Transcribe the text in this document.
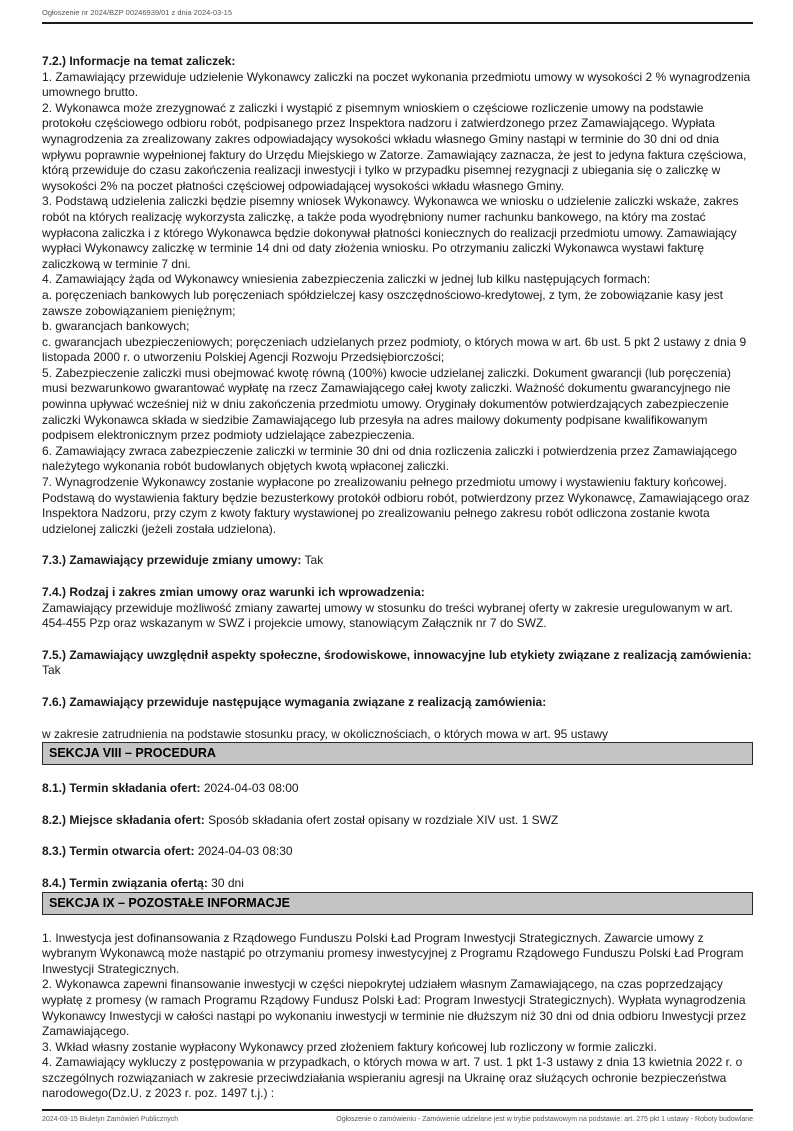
Ogłoszenie nr 2024/BZP 00246939/01 z dnia 2024-03-15

7.2.) Informacje na temat zaliczek:

1. Zamawiający przewiduje udzielenie Wykonawcy zaliczki na poczet wykonania przedmiotu umowy w wysokości 2 % wynagrodzenia umownego brutto.

2. Wykonawca może zrezygnować z zaliczki i wystąpić z pisemnym wnioskiem o częściowe rozliczenie umowy na podstawie protokołu częściowego odbioru robót, podpisanego przez Inspektora nadzoru i zatwierdzonego przez Zamawiającego. Wypłata wynagrodzenia za zrealizowany zakres odpowiadający wysokości wkładu własnego Gminy nastąpi w terminie do 30 dni od dnia wpływu poprawnie wypełnionej faktury do Urzędu Miejskiego w Zatorze. Zamawiający zaznacza, że jest to jedyna faktura częściowa, którą przewiduje do czasu zakończenia realizacji inwestycji i tylko w przypadku pisemnej rezygnacji z ubiegania się o zaliczkę w wysokości 2% na poczet płatności częściowej odpowiadającej wysokości wkładu własnego Gminy.

3. Podstawą udzielenia zaliczki będzie pisemny wniosek Wykonawcy. Wykonawca we wniosku o udzielenie zaliczki wskaże, zakres robót na których realizację wykorzysta zaliczkę, a także poda wyodrębniony numer rachunku bankowego, na który ma zostać wypłacona zaliczka i z którego Wykonawca będzie dokonywał płatności koniecznych do realizacji przedmiotu umowy. Zamawiający wypłaci Wykonawcy zaliczkę w terminie 14 dni od daty złożenia wniosku. Po otrzymaniu zaliczki Wykonawca wystawi fakturę zaliczkową w terminie 7 dni.

4. Zamawiający żąda od Wykonawcy wniesienia zabezpieczenia zaliczki w jednej lub kilku następujących formach:

a. poręczeniach bankowych lub poręczeniach spółdzielczej kasy oszczędnościowo-kredytowej, z tym, że zobowiązanie kasy jest zawsze zobowiązaniem pieniężnym;

b. gwarancjach bankowych;

c. gwarancjach ubezpieczeniowych; poręczeniach udzielanych przez podmioty, o których mowa w art. 6b ust. 5 pkt 2 ustawy z dnia 9 listopada 2000 r. o utworzeniu Polskiej Agencji Rozwoju Przedsiębiorczości;

5. Zabezpieczenie zaliczki musi obejmować kwotę równą (100%) kwocie udzielanej zaliczki. Dokument gwarancji (lub poręczenia) musi bezwarunkowo gwarantować wypłatę na rzecz Zamawiającego całej kwoty zaliczki. Ważność dokumentu gwarancyjnego nie powinna upływać wcześniej niż w dniu zakończenia przedmiotu umowy. Oryginały dokumentów potwierdzających zabezpieczenie zaliczki Wykonawca składa w siedzibie Zamawiającego lub przesyła na adres mailowy dokumenty podpisane kwalifikowanym podpisem elektronicznym przez podmioty udzielające zabezpieczenia.

6. Zamawiający zwraca zabezpieczenie zaliczki w terminie 30 dni od dnia rozliczenia zaliczki i potwierdzenia przez Zamawiającego należytego wykonania robót budowlanych objętych kwotą wpłaconej zaliczki.

7. Wynagrodzenie Wykonawcy zostanie wypłacone po zrealizowaniu pełnego przedmiotu umowy i wystawieniu faktury końcowej. Podstawą do wystawienia faktury będzie bezusterkowy protokół odbioru robót, potwierdzony przez Wykonawcę, Zamawiającego oraz Inspektora Nadzoru, przy czym z kwoty faktury wystawionej po zrealizowaniu pełnego zakresu robót odliczona zostanie kwota udzielonej zaliczki (jeżeli została udzielona).

7.3.) Zamawiający przewiduje zmiany umowy: Tak

7.4.) Rodzaj i zakres zmian umowy oraz warunki ich wprowadzenia:

Zamawiający przewiduje możliwość zmiany zawartej umowy w stosunku do treści wybranej oferty w zakresie uregulowanym w art. 454-455 Pzp oraz wskazanym w SWZ i projekcie umowy, stanowiącym Załącznik nr 7 do SWZ.

7.5.) Zamawiający uwzględnił aspekty społeczne, środowiskowe, innowacyjne lub etykiety związane z realizacją zamówienia: Tak

7.6.) Zamawiający przewiduje następujące wymagania związane z realizacją zamówienia:

w zakresie zatrudnienia na podstawie stosunku pracy, w okolicznościach, o których mowa w art. 95 ustawy

SEKCJA VIII – PROCEDURA

8.1.) Termin składania ofert: 2024-04-03 08:00

8.2.) Miejsce składania ofert: Sposób składania ofert został opisany w rozdziale XIV ust. 1 SWZ

8.3.) Termin otwarcia ofert: 2024-04-03 08:30

8.4.) Termin związania ofertą: 30 dni

SEKCJA IX – POZOSTAŁE INFORMACJE

1. Inwestycja jest dofinansowania z Rządowego Funduszu Polski Ład Program Inwestycji Strategicznych. Zawarcie umowy z wybranym Wykonawcą może nastąpić po otrzymaniu promesy inwestycyjnej z Programu Rządowego Funduszu Polski Ład Program Inwestycji Strategicznych.

2. Wykonawca zapewni finansowanie inwestycji w części niepokrytej udziałem własnym Zamawiającego, na czas poprzedzający wypłatę z promesy (w ramach Programu Rządowy Fundusz Polski Ład: Program Inwestycji Strategicznych). Wypłata wynagrodzenia Wykonawcy Inwestycji w całości nastąpi po wykonaniu inwestycji w terminie nie dłuższym niż 30 dni od dnia odbioru Inwestycji przez Zamawiającego.

3. Wkład własny zostanie wypłacony Wykonawcy przed złożeniem faktury końcowej lub rozliczony w formie zaliczki.

4. Zamawiający wykluczy z postępowania w przypadkach, o których mowa w art. 7 ust. 1 pkt 1-3 ustawy z dnia 13 kwietnia 2022 r. o szczególnych rozwiązaniach w zakresie przeciwdziałania wspieraniu agresji na Ukrainę oraz służących ochronie bezpieczeństwa narodowego(Dz.U. z 2023 r. poz. 1497 t.j.) :

2024-03-15 Biuletyn Zamówień Publicznych	Ogłoszenie o zamówieniu - Zamówienie udzielane jest w trybie podstawowym na podstawie: art. 275 pkt 1 ustawy - Roboty budowlane
